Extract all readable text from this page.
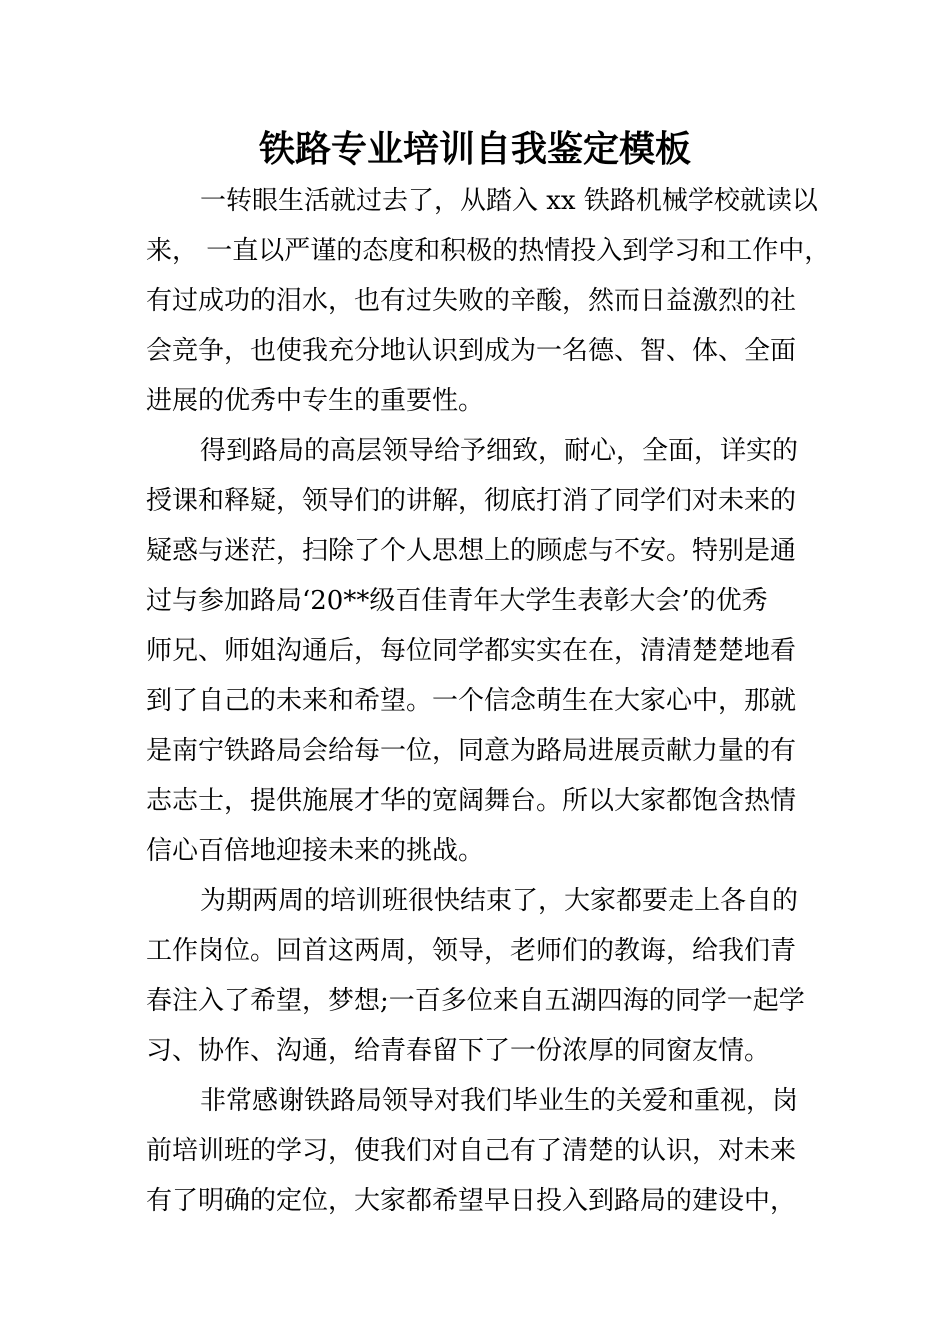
铁路专业培训自我鉴定模板
一转眼生活就过去了，从踏入 xx 铁路机械学校就读以
来， 一直以严谨的态度和积极的热情投入到学习和工作中，
有过成功的泪水，也有过失败的辛酸，然而日益激烈的社
会竞争，也使我充分地认识到成为一名德、智、体、全面
进展的优秀中专生的重要性。
得到路局的高层领导给予细致，耐心，全面，详实的
授课和释疑，领导们的讲解，彻底打消了同学们对未来的
疑惑与迷茫，扫除了个人思想上的顾虑与不安。特别是通
过与参加路局‘20**级百佳青年大学生表彰大会’的优秀
师兄、师姐沟通后，每位同学都实实在在，清清楚楚地看
到了自己的未来和希望。一个信念萌生在大家心中，那就
是南宁铁路局会给每一位，同意为路局进展贡献力量的有
志志士，提供施展才华的宽阔舞台。所以大家都饱含热情
信心百倍地迎接未来的挑战。
为期两周的培训班很快结束了，大家都要走上各自的
工作岗位。回首这两周，领导，老师们的教诲，给我们青
春注入了希望，梦想;一百多位来自五湖四海的同学一起学
习、协作、沟通，给青春留下了一份浓厚的同窗友情。
非常感谢铁路局领导对我们毕业生的关爱和重视，岗
前培训班的学习，使我们对自己有了清楚的认识，对未来
有了明确的定位，大家都希望早日投入到路局的建设中，
